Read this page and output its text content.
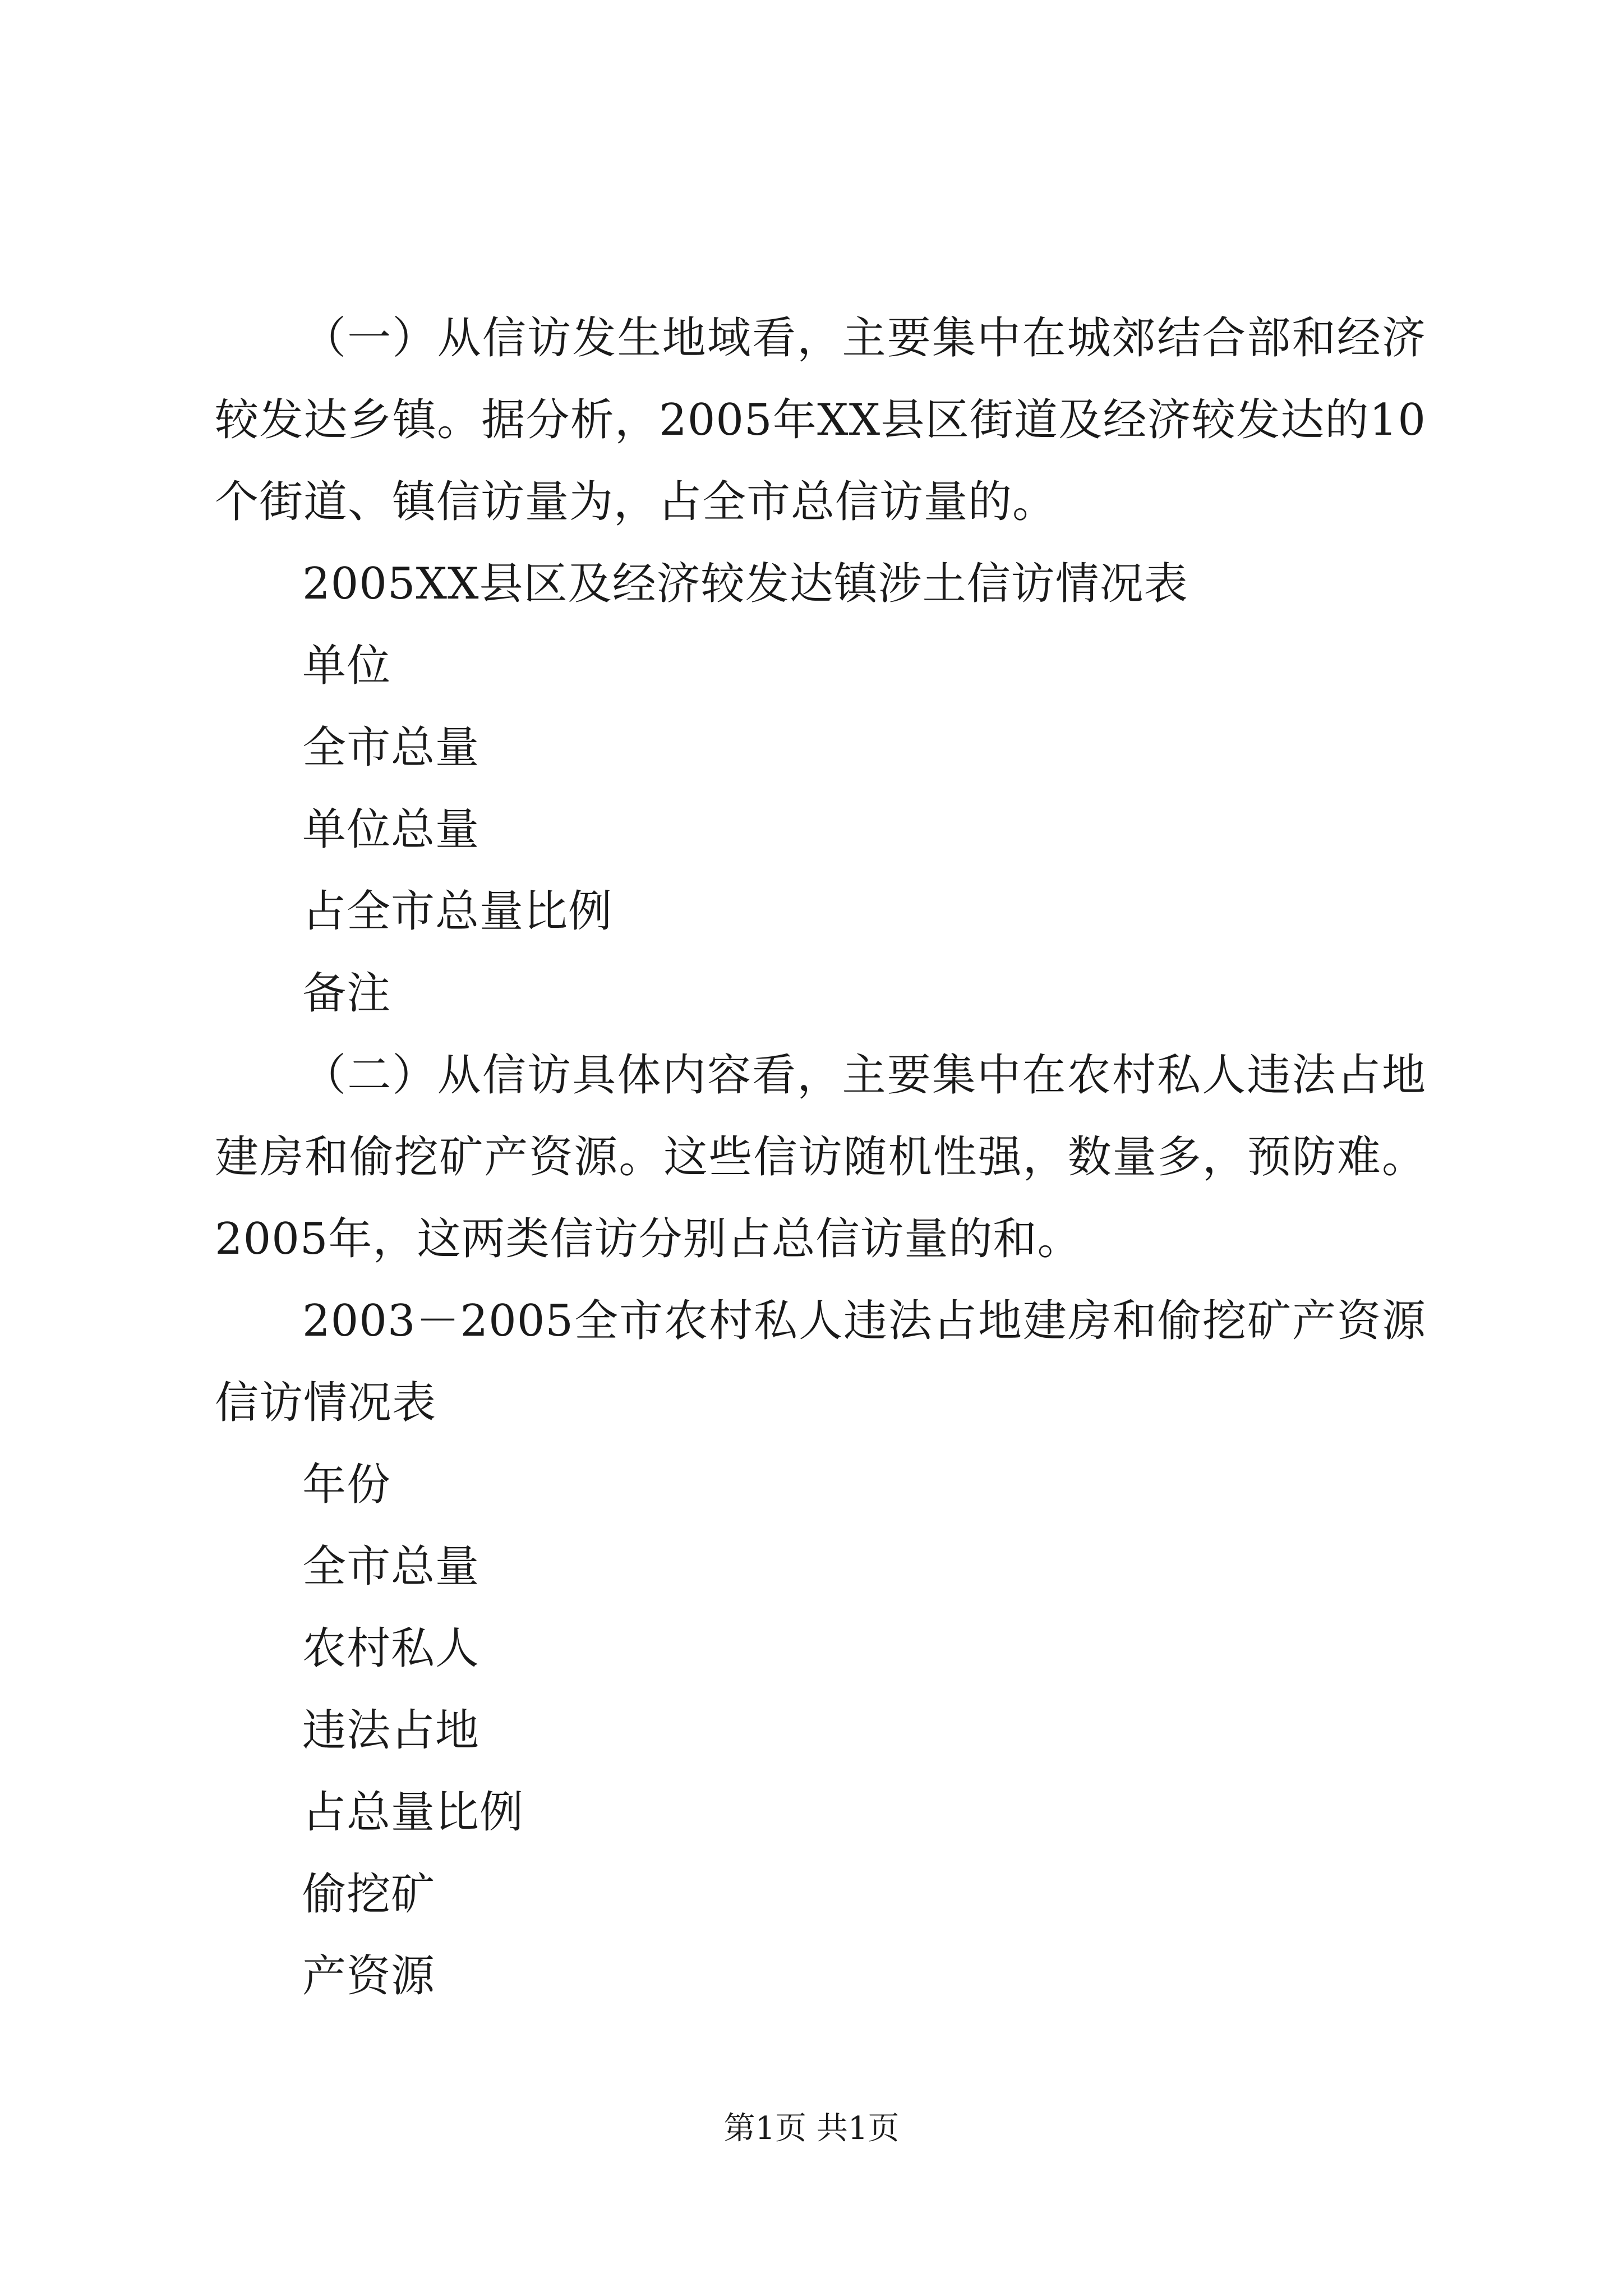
（一）从信访发生地域看，主要集中在城郊结合部和经济较发达乡镇。据分析，2005年XX县区街道及经济较发达的10个街道、镇信访量为，占全市总信访量的。

2005XX县区及经济较发达镇涉土信访情况表

单位

全市总量

单位总量

占全市总量比例

备注

（二）从信访具体内容看，主要集中在农村私人违法占地建房和偷挖矿产资源。这些信访随机性强，数量多，预防难。2005年，这两类信访分别占总信访量的和。

2003－2005全市农村私人违法占地建房和偷挖矿产资源信访情况表

年份

全市总量

农村私人

违法占地

占总量比例

偷挖矿

产资源

第1页 共1页
